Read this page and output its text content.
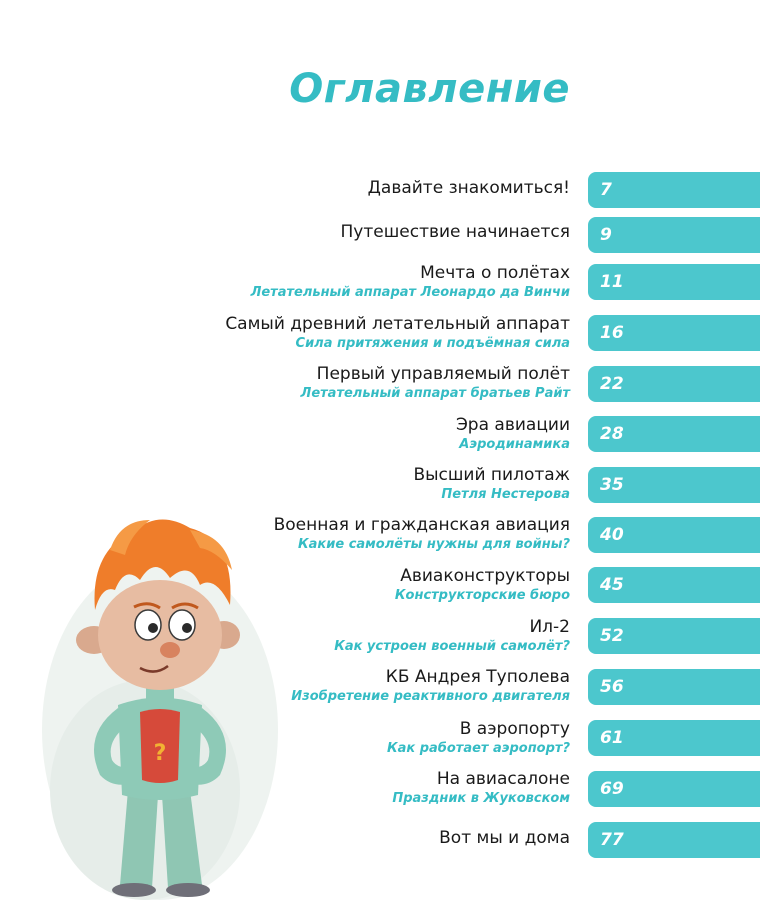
Оглавление
Давайте знакомиться! 7
Путешествие начинается 9
Мечта о полётах
Летательный аппарат Леонардо да Винчи
11
Самый древний летательный аппарат
Сила притяжения и подъёмная сила
16
Первый управляемый полёт
Летательный аппарат братьев Райт 22
Эра авиации
Аэродинамика
28
Высший пилотаж
Петля Нестерова 35
Военная и гражданская авиация
Какие самолёты нужны для войны? 40
Авиаконструкторы
Конструкторские бюро
45
Ил-2
Как устроен военный самолёт?
52
КБ Андрея Туполева
Изобретение реактивного двигателя 56
В аэропорту
Как работает аэропорт?
61
На авиасалоне
Праздник в Жуковском 69
Вот мы и дома 77
?
